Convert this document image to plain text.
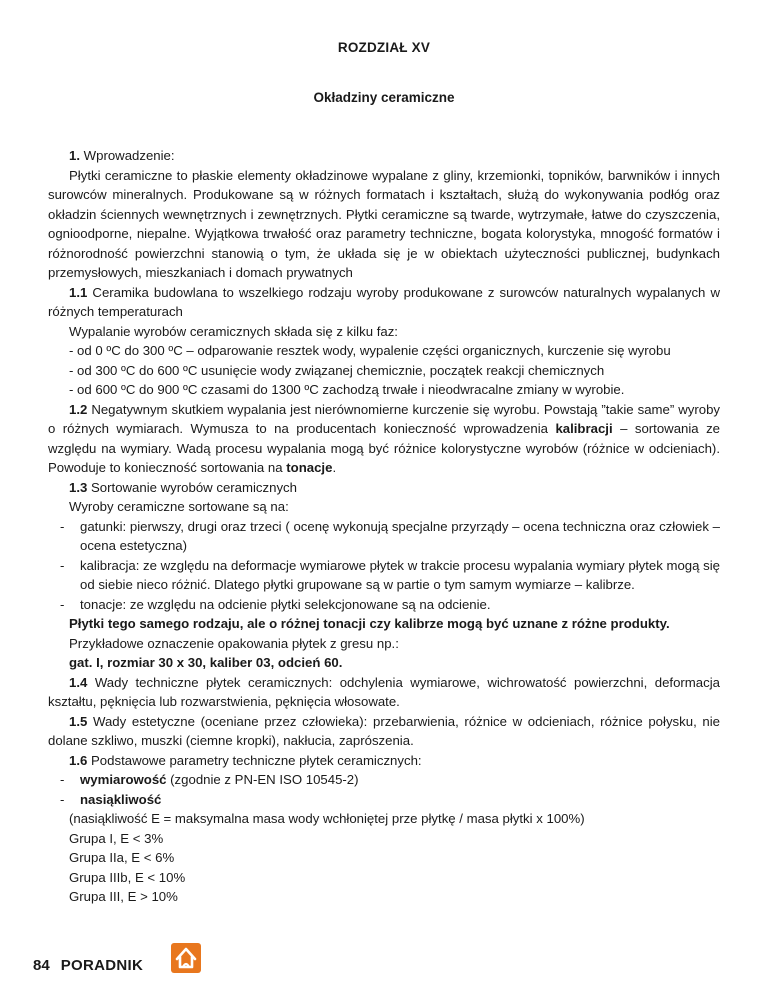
ROZDZIAŁ XV
Okładziny ceramiczne

1. Wprowadzenie:

Płytki ceramiczne to płaskie elementy okładzinowe wypalane z gliny, krzemionki, topników, barwników i innych surowców mineralnych. Produkowane są w różnych formatach i kształtach, służą do wykonywania podłóg oraz okładzin ściennych wewnętrznych i zewnętrznych. Płytki ceramiczne są twarde, wytrzymałe, łatwe do czyszczenia, ognioodporne, niepalne. Wyjątkowa trwałość oraz parametry techniczne, bogata kolorystyka, mnogość formatów i różnorodność powierzchni stanowią o tym, że układa się je w obiektach użyteczności publicznej, budynkach przemysłowych, mieszkaniach i domach prywatnych

1.1 Ceramika budowlana to wszelkiego rodzaju wyroby produkowane z surowców naturalnych wypalanych w różnych temperaturach

Wypalanie wyrobów ceramicznych składa się z kilku faz:

- od 0 ºC do 300 ºC – odparowanie resztek wody, wypalenie części organicznych, kurczenie się wyrobu

- od 300 ºC do 600 ºC usunięcie wody związanej chemicznie, początek reakcji chemicznych

- od 600 ºC do 900 ºC czasami do 1300 ºC zachodzą trwałe i nieodwracalne zmiany w wyrobie.

1.2 Negatywnym skutkiem wypalania jest nierównomierne kurczenie się wyrobu. Powstają ”takie same” wyroby o różnych wymiarach. Wymusza to na producentach konieczność wprowadzenia kalibracji – sortowania ze względu na wymiary. Wadą procesu wypalania mogą być różnice kolorystyczne wyrobów (różnice w odcieniach). Powoduje to konieczność sortowania na tonacje.

1.3 Sortowanie wyrobów ceramicznych

Wyroby ceramiczne sortowane są na:

- gatunki: pierwszy, drugi oraz trzeci ( ocenę wykonują specjalne przyrządy – ocena techniczna oraz człowiek – ocena estetyczna)
- kalibracja: ze względu na deformacje wymiarowe płytek w trakcie procesu wypalania wymiary płytek mogą się od siebie nieco różnić. Dlatego płytki grupowane są w partie o tym samym wymiarze – kalibrze.
- tonacje: ze względu na odcienie płytki selekcjonowane są na odcienie.

Płytki tego samego rodzaju, ale o różnej tonacji czy kalibrze mogą być uznane z różne produkty.

Przykładowe oznaczenie opakowania płytek z gresu np.:

gat. I, rozmiar 30 x 30, kaliber 03, odcień 60.

1.4 Wady techniczne płytek ceramicznych: odchylenia wymiarowe, wichrowatość powierzchni, deformacja kształtu, pęknięcia lub rozwarstwienia, pęknięcia włosowate.

1.5 Wady estetyczne (oceniane przez człowieka): przebarwienia, różnice w odcieniach, różnice połysku, nie dolane szkliwo, muszki (ciemne kropki), nakłucia, zaprószenia.

1.6 Podstawowe parametry techniczne płytek ceramicznych:

- wymiarowość (zgodnie z PN-EN ISO 10545-2)
- nasiąkliwość

(nasiąkliwość E = maksymalna masa wody wchłoniętej prze płytkę / masa płytki x 100%)

Grupa I, E < 3%

Grupa IIa, E < 6%

Grupa IIIb, E < 10%

Grupa III, E > 10%

84 PORADNIK
